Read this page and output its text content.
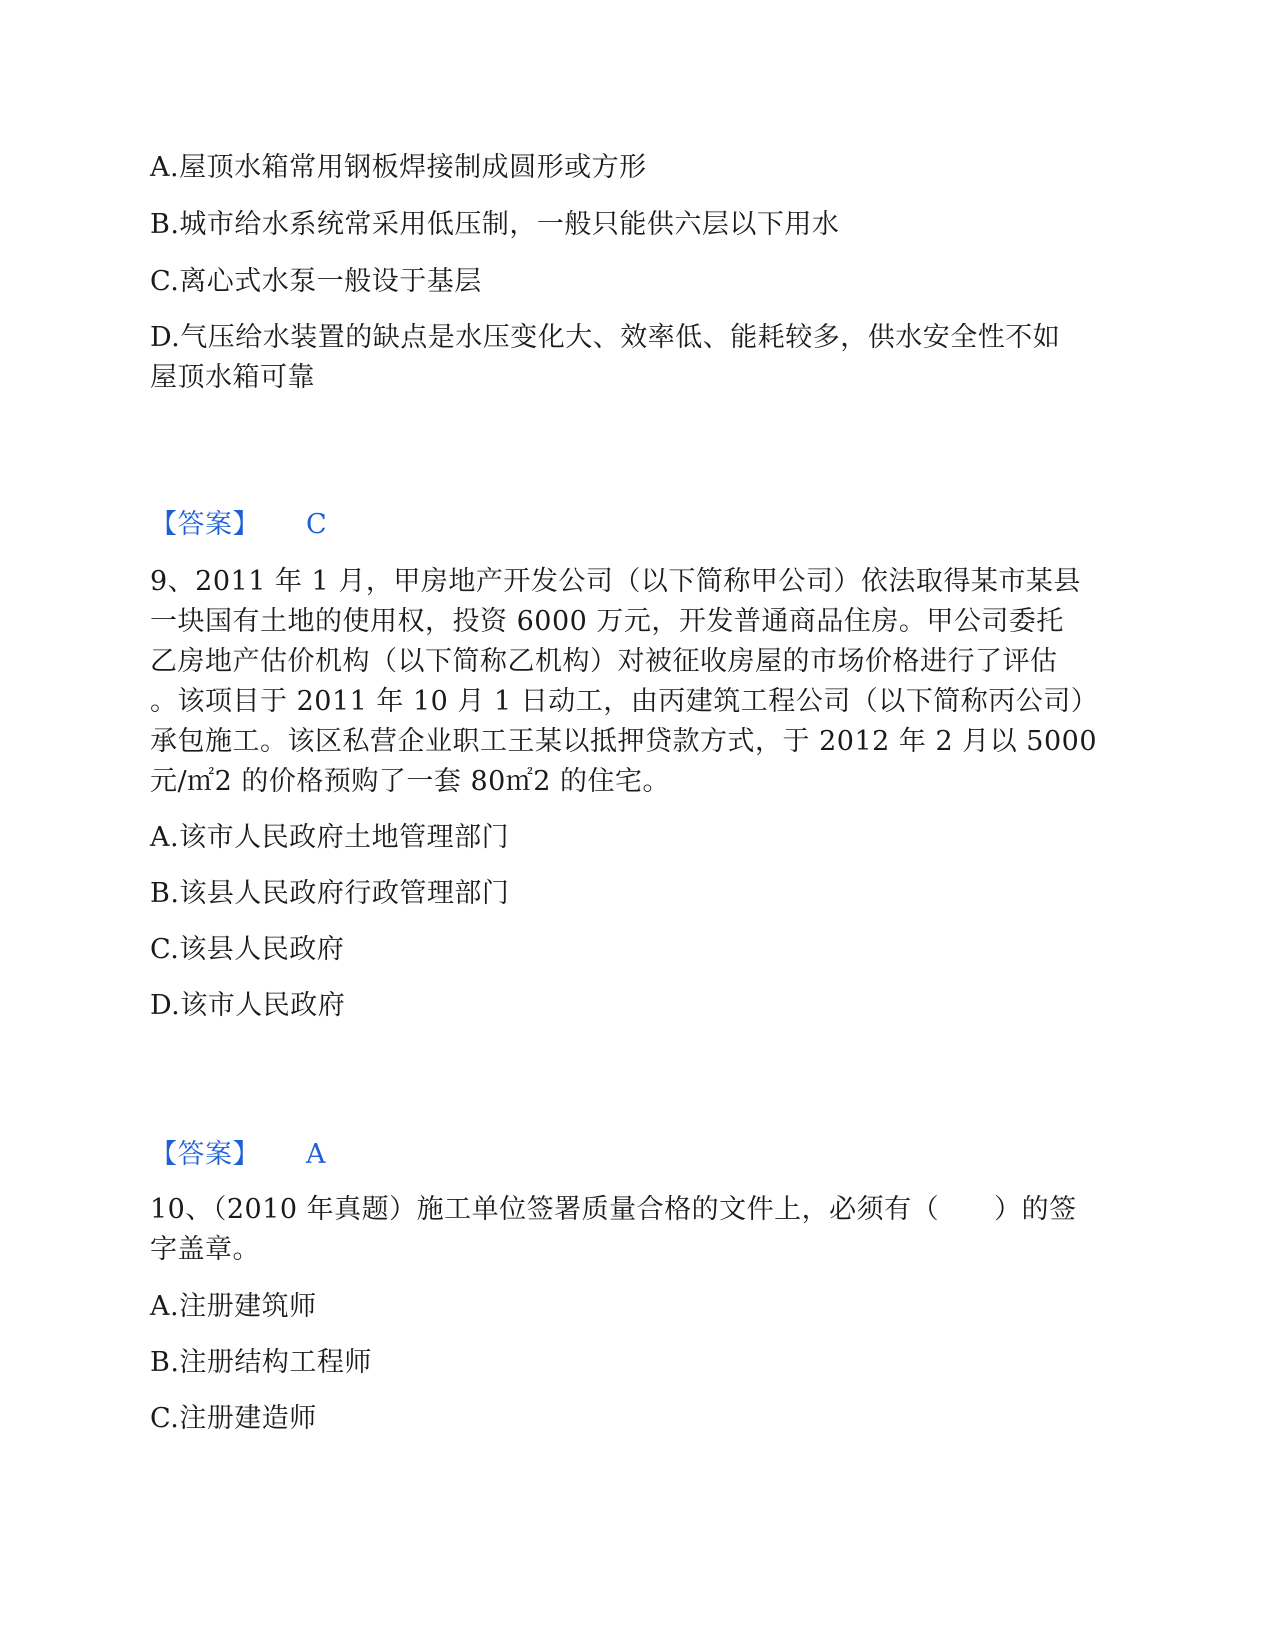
A.屋顶水箱常用钢板焊接制成圆形或方形
B.城市给水系统常采用低压制，一般只能供六层以下用水
C.离心式水泵一般设于基层
D.气压给水装置的缺点是水压变化大、效率低、能耗较多，供水安全性不如
屋顶水箱可靠
【答案】 C
9、2011 年 1 月，甲房地产开发公司（以下简称甲公司）依法取得某市某县
一块国有土地的使用权，投资 6000 万元，开发普通商品住房。甲公司委托
乙房地产估价机构（以下简称乙机构）对被征收房屋的市场价格进行了评估
。该项目于 2011 年 10 月 1 日动工，由丙建筑工程公司（以下简称丙公司）
承包施工。该区私营企业职工王某以抵押贷款方式，于 2012 年 2 月以 5000
元/㎡2 的价格预购了一套 80㎡2 的住宅。
A.该市人民政府土地管理部门
B.该县人民政府行政管理部门
C.该县人民政府
D.该市人民政府
【答案】 A
10、（2010 年真题）施工单位签署质量合格的文件上，必须有（　　）的签
字盖章。
A.注册建筑师
B.注册结构工程师
C.注册建造师
